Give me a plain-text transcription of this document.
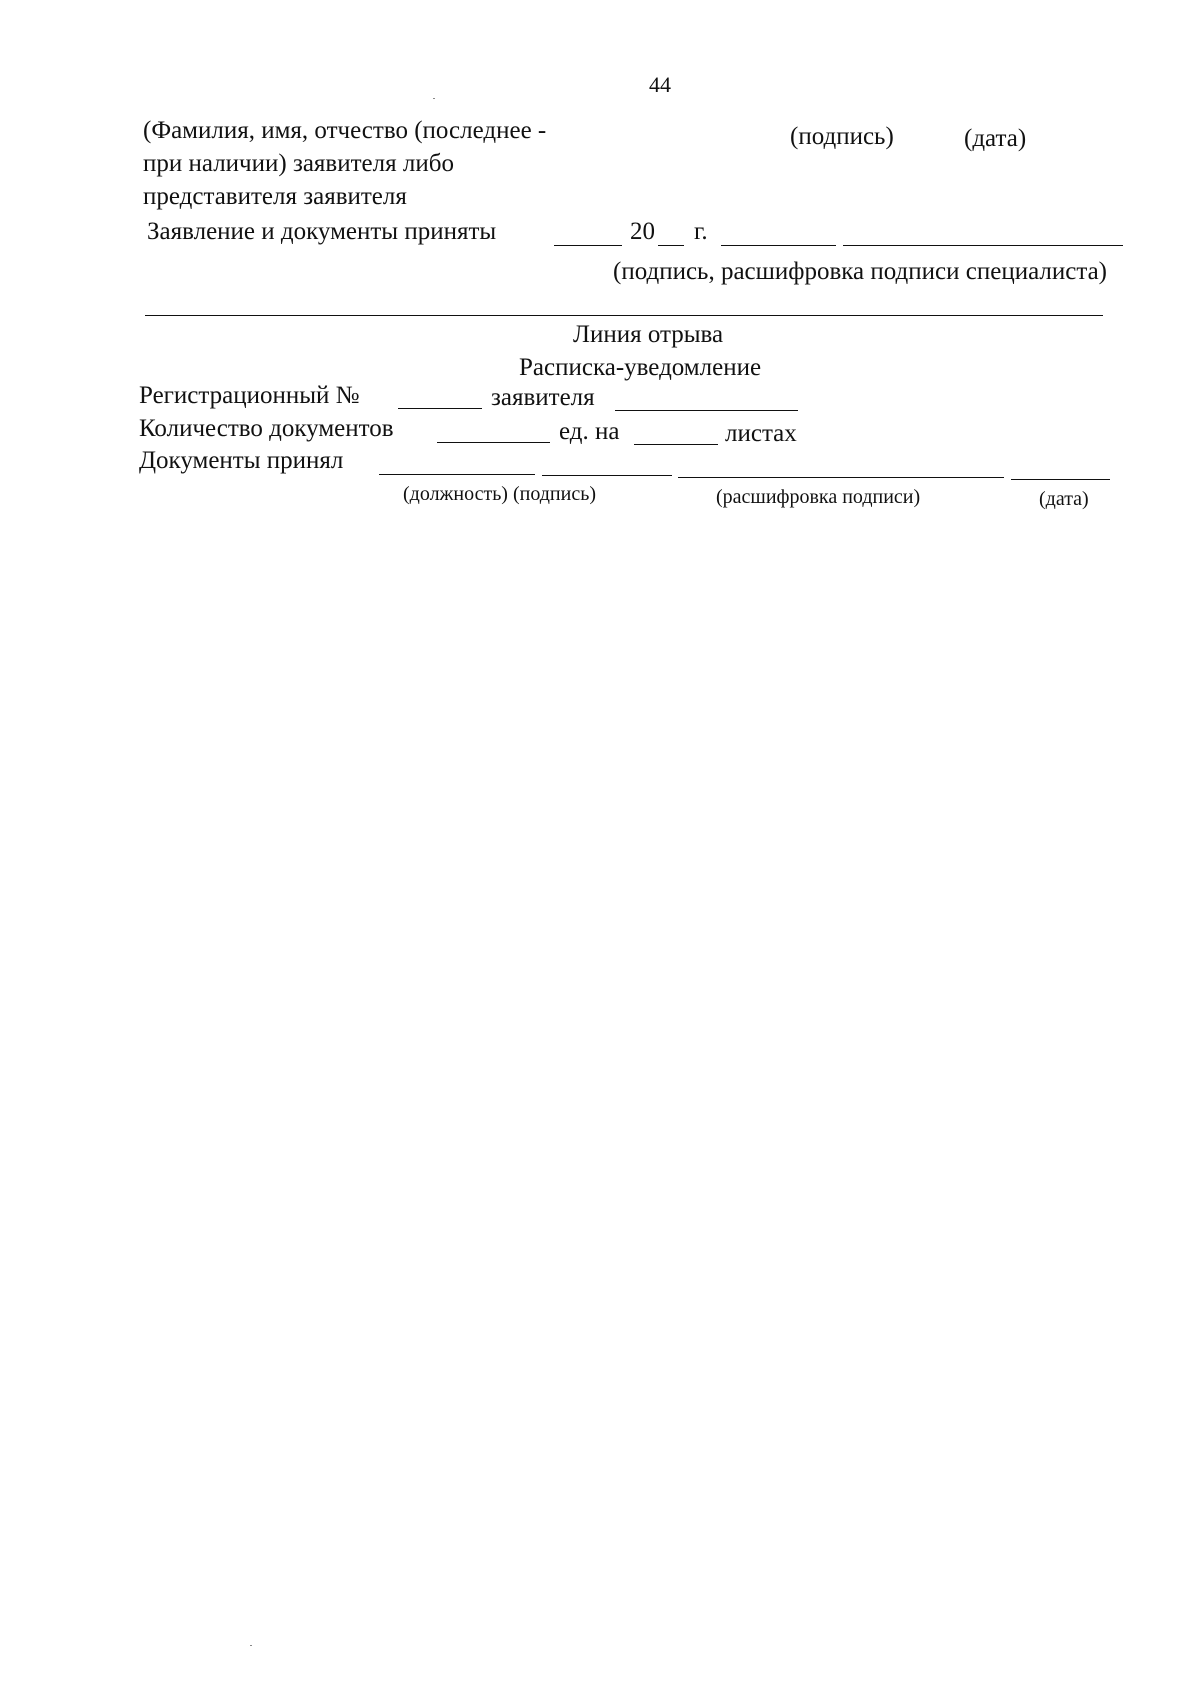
44
(Фамилия, имя, отчество (последнее -
при наличии) заявителя либо
представителя заявителя
(подпись)	(дата)
Заявление и документы приняты	20 г.
(подпись, расшифровка подписи специалиста)
Линия отрыва
Расписка-уведомление
Регистрационный №	заявителя
Количество документов	ед. на	листах
Документы принял
(должность) (подпись)	(расшифровка подписи)	(дата)
